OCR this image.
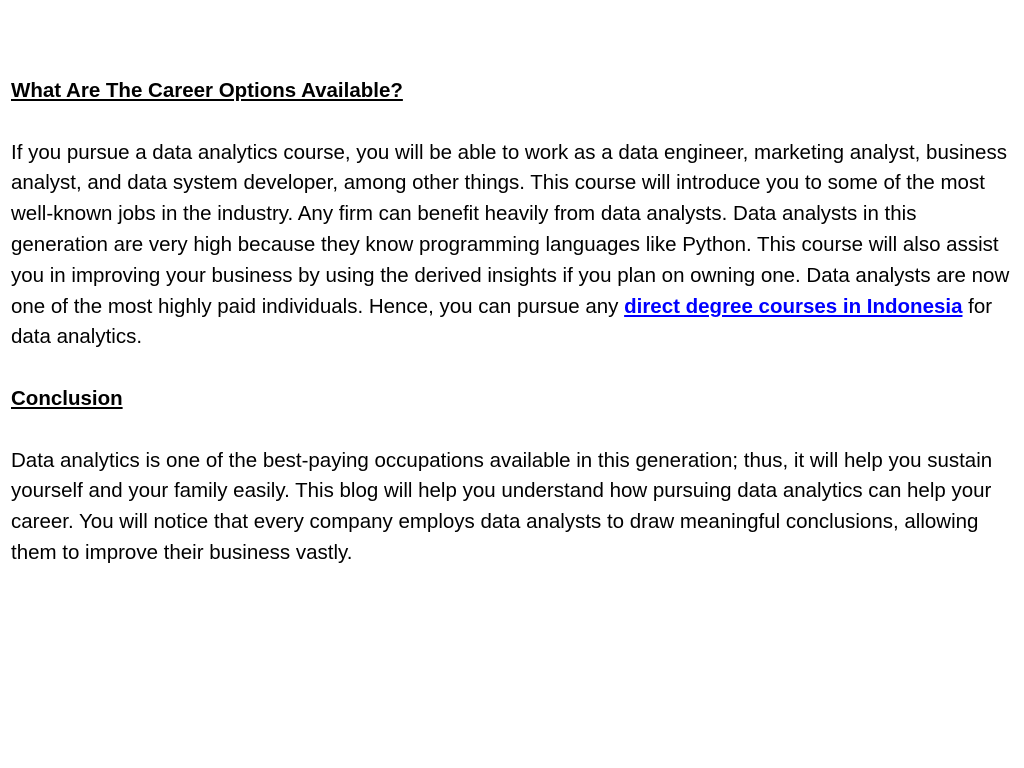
What Are The Career Options Available?

If you pursue a data analytics course, you will be able to work as a data engineer, marketing analyst, business analyst, and data system developer, among other things. This course will introduce you to some of the most well-known jobs in the industry. Any firm can benefit heavily from data analysts. Data analysts in this generation are very high because they know programming languages like Python. This course will also assist you in improving your business by using the derived insights if you plan on owning one. Data analysts are now one of the most highly paid individuals. Hence, you can pursue any direct degree courses in Indonesia for data analytics.

Conclusion

Data analytics is one of the best-paying occupations available in this generation; thus, it will help you sustain yourself and your family easily. This blog will help you understand how pursuing data analytics can help your career. You will notice that every company employs data analysts to draw meaningful conclusions, allowing them to improve their business vastly.
